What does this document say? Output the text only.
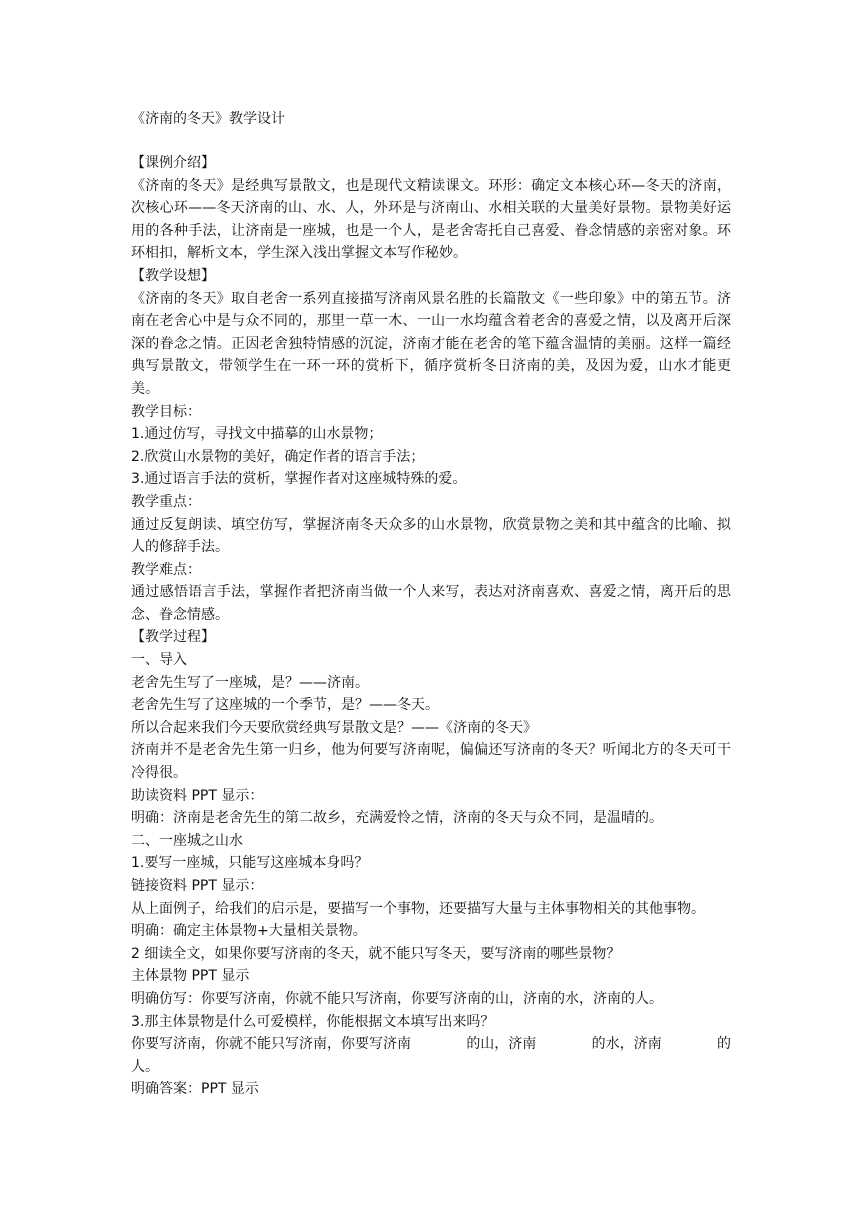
《济南的冬天》教学设计

【课例介绍】

《济南的冬天》是经典写景散文，也是现代文精读课文。环形：确定文本核心环—冬天的济南，次核心环——冬天济南的山、水、人，外环是与济南山、水相关联的大量美好景物。景物美好运用的各种手法，让济南是一座城，也是一个人，是老舍寄托自己喜爱、眷念情感的亲密对象。环环相扣，解析文本，学生深入浅出掌握文本写作秘妙。

【教学设想】

《济南的冬天》取自老舍一系列直接描写济南风景名胜的长篇散文《一些印象》中的第五节。济南在老舍心中是与众不同的，那里一草一木、一山一水均蕴含着老舍的喜爱之情，以及离开后深深的眷念之情。正因老舍独特情感的沉淀，济南才能在老舍的笔下蕴含温情的美丽。这样一篇经典写景散文，带领学生在一环一环的赏析下，循序赏析冬日济南的美，及因为爱，山水才能更美。

教学目标：

1.通过仿写，寻找文中描摹的山水景物；

2.欣赏山水景物的美好，确定作者的语言手法；

3.通过语言手法的赏析，掌握作者对这座城特殊的爱。

教学重点：

通过反复朗读、填空仿写，掌握济南冬天众多的山水景物，欣赏景物之美和其中蕴含的比喻、拟人的修辞手法。

教学难点：

通过感悟语言手法，掌握作者把济南当做一个人来写，表达对济南喜欢、喜爱之情，离开后的思念、眷念情感。

【教学过程】

一、导入

老舍先生写了一座城，是？——济南。

老舍先生写了这座城的一个季节，是？——冬天。

所以合起来我们今天要欣赏经典写景散文是？——《济南的冬天》

济南并不是老舍先生第一归乡，他为何要写济南呢，偏偏还写济南的冬天？听闻北方的冬天可干冷得很。

助读资料 PPT 显示：

明确：济南是老舍先生的第二故乡，充满爱怜之情，济南的冬天与众不同，是温晴的。

二、一座城之山水

1.要写一座城，只能写这座城本身吗？

链接资料 PPT 显示：

从上面例子，给我们的启示是，要描写一个事物，还要描写大量与主体事物相关的其他事物。

明确：确定主体景物+大量相关景物。

2 细读全文，如果你要写济南的冬天，就不能只写冬天，要写济南的哪些景物？

主体景物 PPT 显示

明确仿写：你要写济南，你就不能只写济南，你要写济南的山，济南的水，济南的人。

3.那主体景物是什么可爱模样，你能根据文本填写出来吗？

你要写济南，你就不能只写济南，你要写济南	的山，济南	的水，济南	的

人。

明确答案：PPT 显示
